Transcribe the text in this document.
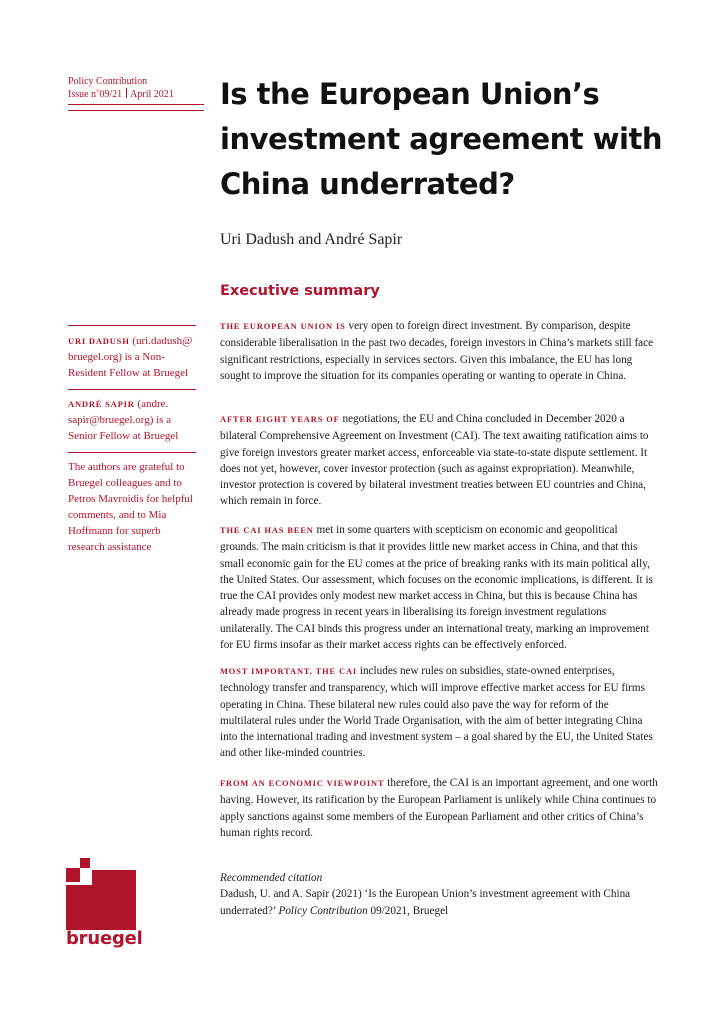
Policy Contribution
Issue n˚09/21 April 2021	Is the European Union’s
investment agreement with
China underrated?
Uri Dadush and André Sapir
Executive summary
URI DADUSH (uri.dadush@ bruegel.org) is a Non-Resident Fellow at Bruegel
ANDRÉ SAPIR (andre. sapir@bruegel.org) is a Senior Fellow at Bruegel
The authors are grateful to Bruegel colleagues and to Petros Mavroidis for helpful comments, and to Mia Hoffmann for superb research assistance

THE EUROPEAN UNION IS very open to foreign direct investment. By comparison, despite considerable liberalisation in the past two decades, foreign investors in China’s markets still face significant restrictions, especially in services sectors. Given this imbalance, the EU has long sought to improve the situation for its companies operating or wanting to operate in China.

AFTER EIGHT YEARS OF negotiations, the EU and China concluded in December 2020 a bilateral Comprehensive Agreement on Investment (CAI). The text awaiting ratification aims to give foreign investors greater market access, enforceable via state-to-state dispute settlement. It does not yet, however, cover investor protection (such as against expropriation). Meanwhile, investor protection is covered by bilateral investment treaties between EU countries and China, which remain in force.

THE CAI HAS BEEN met in some quarters with scepticism on economic and geopolitical grounds. The main criticism is that it provides little new market access in China, and that this small economic gain for the EU comes at the price of breaking ranks with its main political ally, the United States. Our assessment, which focuses on the economic implications, is different. It is true the CAI provides only modest new market access in China, but this is because China has already made progress in recent years in liberalising its foreign investment regulations unilaterally. The CAI binds this progress under an international treaty, marking an improvement for EU firms insofar as their market access rights can be effectively enforced.

MOST IMPORTANT, THE CAI includes new rules on subsidies, state-owned enterprises, technology transfer and transparency, which will improve effective market access for EU firms operating in China. These bilateral new rules could also pave the way for reform of the multilateral rules under the World Trade Organisation, with the aim of better integrating China into the international trading and investment system – a goal shared by the EU, the United States and other like-minded countries.

FROM AN ECONOMIC VIEWPOINT therefore, the CAI is an important agreement, and one worth having. However, its ratification by the European Parliament is unlikely while China continues to apply sanctions against some members of the European Parliament and other critics of China’s human rights record.

Recommended citation
Dadush, U. and A. Sapir (2021) ‘Is the European Union’s investment agreement with China underrated?’ Policy Contribution 09/2021, Bruegel
bruegel
